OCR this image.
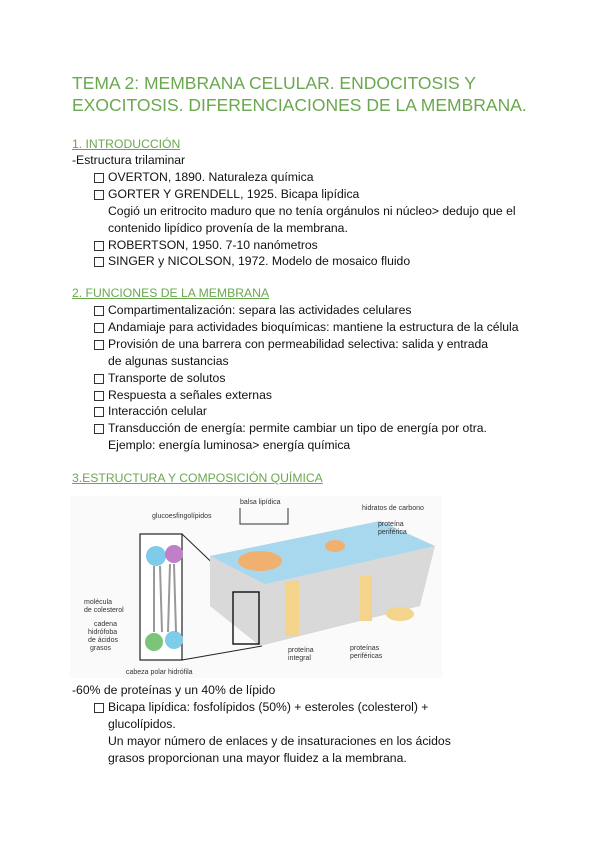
TEMA 2: MEMBRANA CELULAR. ENDOCITOSIS Y EXOCITOSIS. DIFERENCIACIONES DE LA MEMBRANA.
1. INTRODUCCIÓN
-Estructura trilaminar
OVERTON, 1890. Naturaleza química
GORTER Y GRENDELL, 1925. Bicapa lipídica
Cogió un eritrocito maduro que no tenía orgánulos ni núcleo> dedujo que el contenido lipídico provenía de la membrana.
ROBERTSON, 1950. 7-10 nanómetros
SINGER y NICOLSON, 1972. Modelo de mosaico fluido
2. FUNCIONES DE LA MEMBRANA
Compartimentalización: separa las actividades celulares
Andamiaje para actividades bioquímicas: mantiene la estructura de la célula
Provisión de una barrera con permeabilidad selectiva: salida y entrada de algunas sustancias
Transporte de solutos
Respuesta a señales externas
Interacción celular
Transducción de energía: permite cambiar un tipo de energía por otra.
Ejemplo: energía luminosa> energía química
3.ESTRUCTURA Y COMPOSICIÓN QUÍMICA
balsa lipídica
glucoesfingolípidos
hidratos de carbono
proteína
periférica
molécula
de colesterol
cadena
hidrófoba
de ácidos
grasos
cabeza polar hidrófila
proteína
integral
proteínas
periféricas
-60% de proteínas y un 40% de lípido
Bicapa lipídica: fosfolípidos (50%) + esteroles (colesterol) + glucolípidos.
Un mayor número de enlaces y de insaturaciones en los ácidos grasos proporcionan una mayor fluidez a la membrana.
